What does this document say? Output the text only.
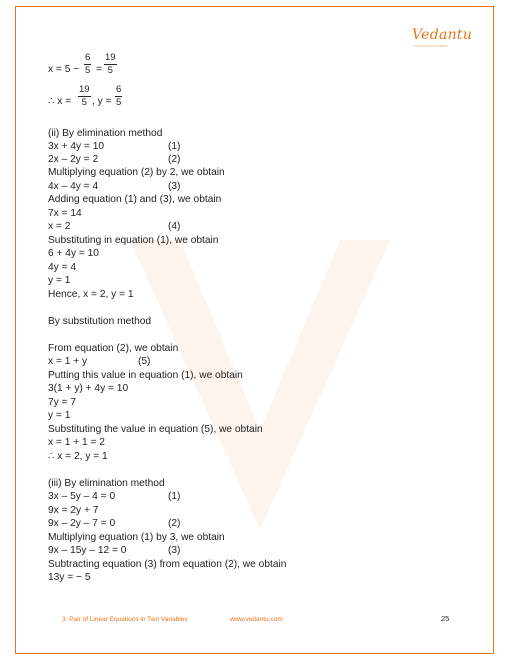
Vedantu
LIVE ONLINE TUTORING
$x = 5 - \frac{6}{5} = \frac{19}{5}$
∴ $x = \frac{19}{5}$ , $y = \frac{6}{5}$
(ii) By elimination method
3x + 4y = 10	(1)
2x – 2y = 2	(2)
Multiplying equation (2) by 2, we obtain
4x – 4y = 4	(3)
Adding equation (1) and (3), we obtain
7x = 14
x = 2	(4)
Substituting in equation (1), we obtain
6 + 4y = 10
4y = 4
y = 1
Hence, x = 2, y = 1
By substitution method
From equation (2), we obtain
x = 1 + y	(5)
Putting this value in equation (1), we obtain
3(1 + y) + 4y = 10
7y = 7
y = 1
Substituting the value in equation (5), we obtain
x = 1 + 1 = 2
∴ x = 2, y = 1
(iii) By elimination method
3x – 5y – 4 = 0	(1)
9x = 2y + 7
9x – 2y – 7 = 0	(2)
Multiplying equation (1) by 3, we obtain
9x – 15y – 12 = 0	(3)
Subtracting equation (3) from equation (2), we obtain
13y = − 5
3. Pair of Linear Equations in Two Variables	www.vedantu.com	25
